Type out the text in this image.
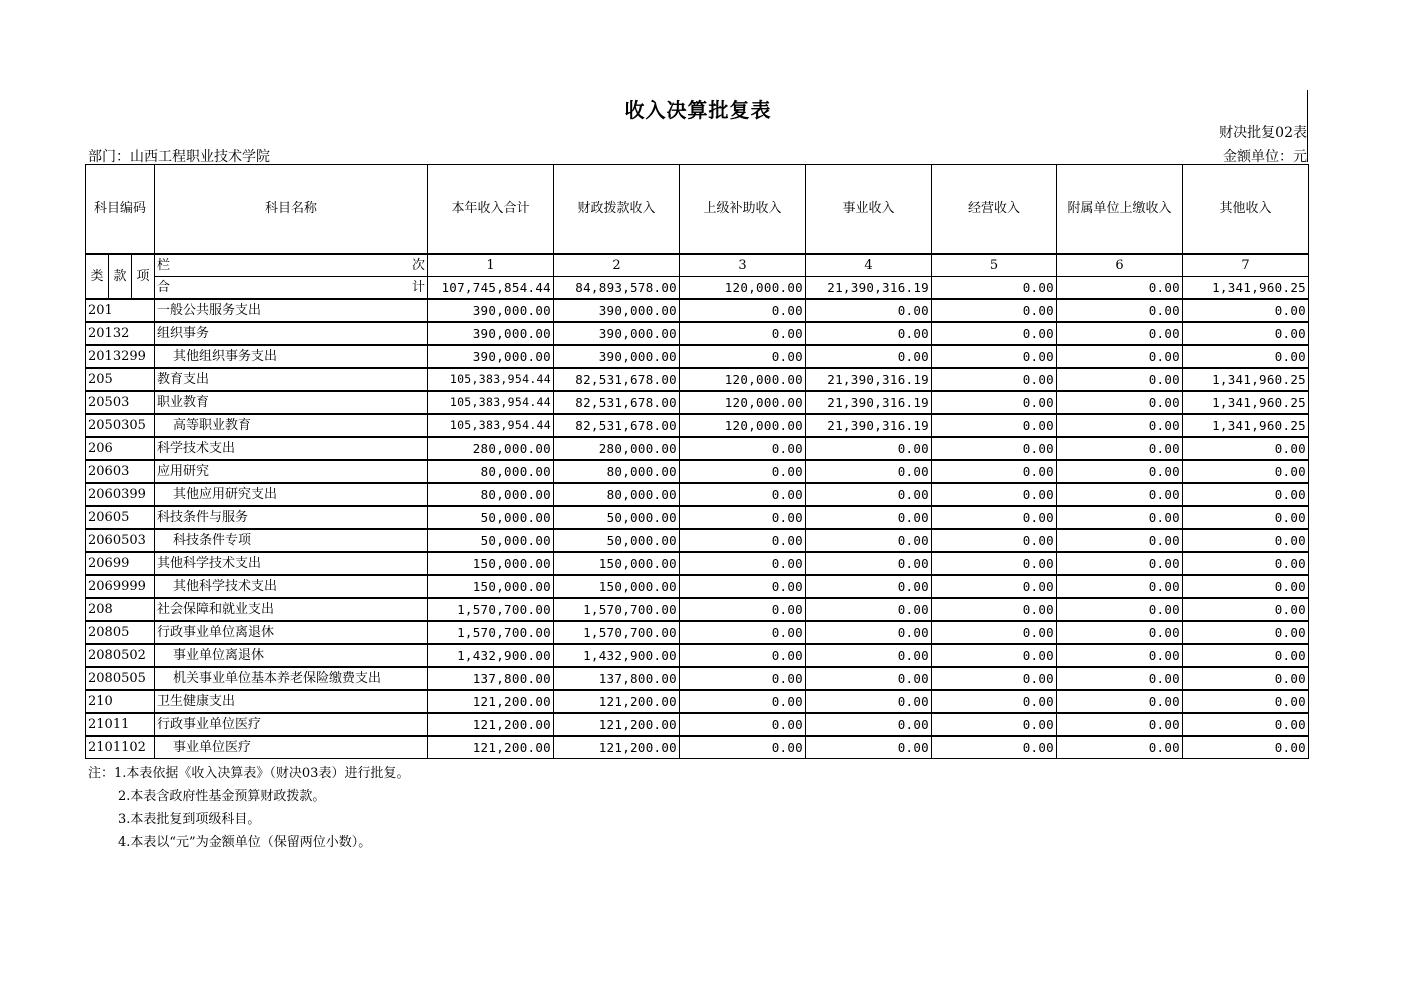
收入决算批复表
财决批复02表
部门：山西工程职业技术学院	金额单位：元
科目编码			科目名称	本年收入合计	财政拨款收入	上级补助收入	事业收入	经营收入	附属单位上缴收入	其他收入
类	款	项	栏 次	1	2	3	4	5	6	7

			合 计	107,745,854.44	84,893,578.00	120,000.00	21,390,316.19	0.00	0.00	1,341,960.25
201			一般公共服务支出	390,000.00	390,000.00	0.00	0.00	0.00	0.00	0.00
20132			组织事务	390,000.00	390,000.00	0.00	0.00	0.00	0.00	0.00
2013299			其他组织事务支出	390,000.00	390,000.00	0.00	0.00	0.00	0.00	0.00
205			教育支出	105,383,954.44	82,531,678.00	120,000.00	21,390,316.19	0.00	0.00	1,341,960.25
20503			职业教育	105,383,954.44	82,531,678.00	120,000.00	21,390,316.19	0.00	0.00	1,341,960.25
2050305			高等职业教育	105,383,954.44	82,531,678.00	120,000.00	21,390,316.19	0.00	0.00	1,341,960.25
206			科学技术支出	280,000.00	280,000.00	0.00	0.00	0.00	0.00	0.00
20603			应用研究	80,000.00	80,000.00	0.00	0.00	0.00	0.00	0.00
2060399			其他应用研究支出	80,000.00	80,000.00	0.00	0.00	0.00	0.00	0.00
20605			科技条件与服务	50,000.00	50,000.00	0.00	0.00	0.00	0.00	0.00
2060503			科技条件专项	50,000.00	50,000.00	0.00	0.00	0.00	0.00	0.00
20699			其他科学技术支出	150,000.00	150,000.00	0.00	0.00	0.00	0.00	0.00
2069999			其他科学技术支出	150,000.00	150,000.00	0.00	0.00	0.00	0.00	0.00
208			社会保障和就业支出	1,570,700.00	1,570,700.00	0.00	0.00	0.00	0.00	0.00
20805			行政事业单位离退休	1,570,700.00	1,570,700.00	0.00	0.00	0.00	0.00	0.00
2080502			事业单位离退休	1,432,900.00	1,432,900.00	0.00	0.00	0.00	0.00	0.00
2080505			机关事业单位基本养老保险缴费支出	137,800.00	137,800.00	0.00	0.00	0.00	0.00	0.00
210			卫生健康支出	121,200.00	121,200.00	0.00	0.00	0.00	0.00	0.00
21011			行政事业单位医疗	121,200.00	121,200.00	0.00	0.00	0.00	0.00	0.00
2101102			事业单位医疗	121,200.00	121,200.00	0.00	0.00	0.00	0.00	0.00
注：1.本表依据《收入决算表》（财决03表）进行批复。
2.本表含政府性基金预算财政拨款。
3.本表批复到项级科目。
4.本表以“元”为金额单位（保留两位小数）。
